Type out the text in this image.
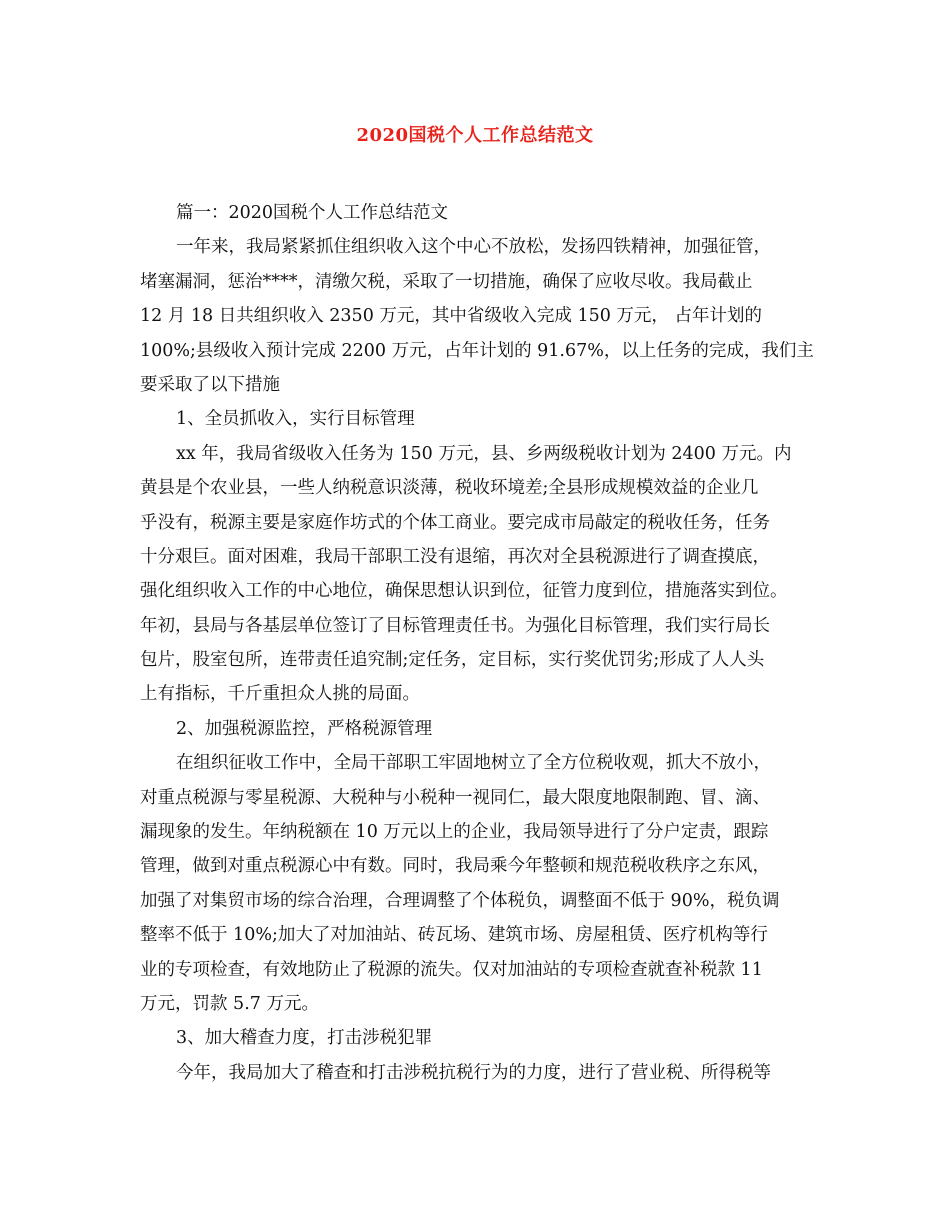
2020国税个人工作总结范文
篇一：2020国税个人工作总结范文
一年来，我局紧紧抓住组织收入这个中心不放松，发扬四铁精神，加强征管，
堵塞漏洞，惩治****，清缴欠税，采取了一切措施，确保了应收尽收。我局截止
12 月 18 日共组织收入 2350 万元，其中省级收入完成 150 万元， 占年计划的
100%;县级收入预计完成 2200 万元，占年计划的 91.67%，以上任务的完成，我们主
要采取了以下措施
1、全员抓收入，实行目标管理
xx 年，我局省级收入任务为 150 万元，县、乡两级税收计划为 2400 万元。内
黄县是个农业县，一些人纳税意识淡薄，税收环境差;全县形成规模效益的企业几
乎没有，税源主要是家庭作坊式的个体工商业。要完成市局敲定的税收任务，任务
十分艰巨。面对困难，我局干部职工没有退缩，再次对全县税源进行了调查摸底，
强化组织收入工作的中心地位，确保思想认识到位，征管力度到位，措施落实到位。
年初，县局与各基层单位签订了目标管理责任书。为强化目标管理，我们实行局长
包片，股室包所，连带责任追究制;定任务，定目标，实行奖优罚劣;形成了人人头
上有指标，千斤重担众人挑的局面。
2、加强税源监控，严格税源管理
在组织征收工作中，全局干部职工牢固地树立了全方位税收观，抓大不放小，
对重点税源与零星税源、大税种与小税种一视同仁，最大限度地限制跑、冒、滴、
漏现象的发生。年纳税额在 10 万元以上的企业，我局领导进行了分户定责，跟踪
管理，做到对重点税源心中有数。同时，我局乘今年整顿和规范税收秩序之东风，
加强了对集贸市场的综合治理，合理调整了个体税负，调整面不低于 90%，税负调
整率不低于 10%;加大了对加油站、砖瓦场、建筑市场、房屋租赁、医疗机构等行
业的专项检查，有效地防止了税源的流失。仅对加油站的专项检查就查补税款 11
万元，罚款 5.7 万元。
3、加大稽查力度，打击涉税犯罪
今年，我局加大了稽查和打击涉税抗税行为的力度，进行了营业税、所得税等
